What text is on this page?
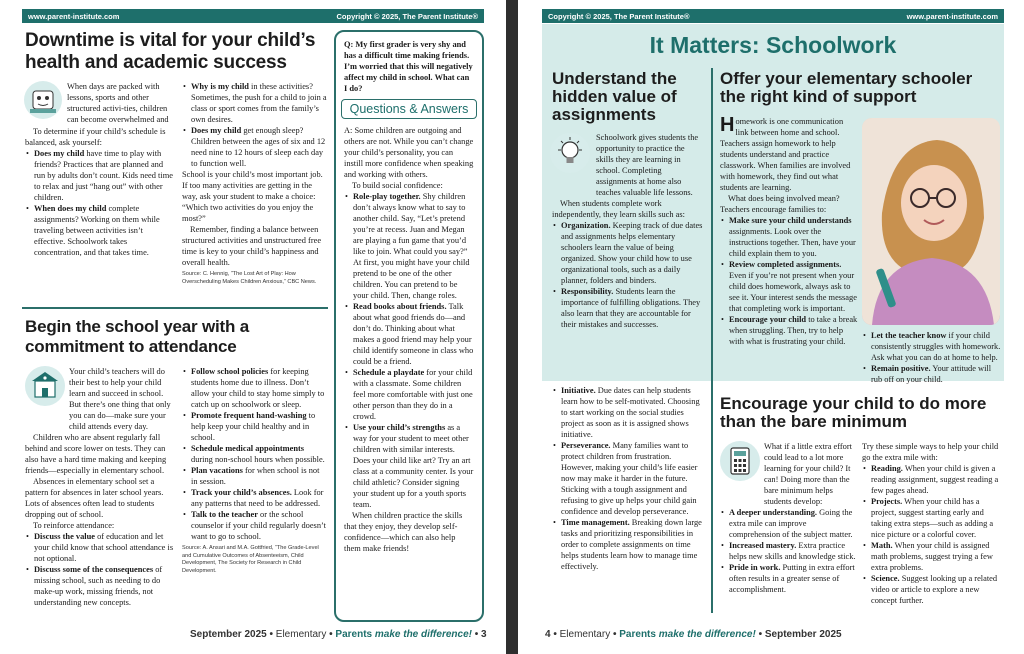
www.parent-institute.com	Copyright © 2025, The Parent Institute®
Downtime is vital for your child’s health and academic success

When days are packed with lessons, sports and other structured activi-ties, children can become overwhelmed and

To determine if your child’s schedule is balanced, ask yourself:

• Does my child have time to play with friends? Practices that are planned and run by adults don’t count. Kids need time to relax and just “hang out” with other children.

• When does my child complete assignments? Working on them while traveling between activities isn’t effective. Schoolwork takes concentration, and that takes time.

• Why is my child in these activities? Sometimes, the push for a child to join a class or sport comes from the family’s own desires.

• Does my child get enough sleep? Children between the ages of six and 12 need nine to 12 hours of sleep each day to function well.

School is your child’s most important job. If too many activities are getting in the way, ask your student to make a choice: “Which two activities do you enjoy the most?”

Remember, finding a balance between structured activities and unstructured free time is key to your child’s happiness and overall health.

Source: C. Hennig, “The Lost Art of Play: How Overscheduling Makes Children Anxious,” CBC News.

Begin the school year with a commitment to attendance

Your child’s teachers will do their best to help your child learn and succeed in school. But there’s one thing that only you can do—make sure your child attends every day.

Children who are absent regularly fall behind and score lower on tests. They can also have a hard time making and keeping friends—especially in elementary school.

Absences in elementary school set a pattern for absences in later school years. Lots of absences often lead to students dropping out of school.

To reinforce attendance:

• Discuss the value of education and let your child know that school attendance is not optional.

• Discuss some of the consequences of missing school, such as needing to do make-up work, missing friends, not understanding new concepts.

• Follow school policies for keeping students home due to illness. Don’t allow your child to stay home simply to catch up on schoolwork or sleep.

• Promote frequent hand-washing to help keep your child healthy and in school.

• Schedule medical appointments during non-school hours when possible.

• Plan vacations for when school is not in session.

• Track your child’s absences. Look for any patterns that need to be addressed.

• Talk to the teacher or the school counselor if your child regularly doesn’t want to go to school.

Source: A. Ansari and M.A. Gottfried, “The Grade-Level and Cumulative Outcomes of Absenteeism, Child Development, The Society for Research in Child Development.

Q: My first grader is very shy and has a difficult time making friends. I’m worried that this will negatively affect my child in school. What can I do?

Questions & Answers

A: Some children are outgoing and others are not. While you can’t change your child’s personality, you can instill more confidence when speaking and working with others.

To build social confidence:

• Role-play together. Shy children don’t always know what to say to another child. Say, “Let’s pretend you’re at recess. Juan and Megan are playing a fun game that you’d like to join. What could you say?” At first, you might have your child pretend to be one of the other children. You can pretend to be your child. Then, change roles.

• Read books about friends. Talk about what good friends do—and don’t do. Thinking about what makes a good friend may help your child identify someone in class who could be a friend.

• Schedule a playdate for your child with a classmate. Some children feel more comfortable with just one other person than they do in a crowd.

• Use your child’s strengths as a way for your student to meet other children with similar interests. Does your child like art? Try an art class at a community center. Is your child athletic? Consider signing your student up for a youth sports team.

When children practice the skills that they enjoy, they develop self-confidence—which can also help them make friends!

September 2025 • Elementary • Parents make the difference! • 3
Copyright © 2025, The Parent Institute®	www.parent-institute.com
It Matters: Schoolwork
Understand the hidden value of assignments

Schoolwork gives students the opportunity to practice the skills they are learning in school. Completing assignments at home also teaches valuable life lessons.

When students complete work independently, they learn skills such as:

• Organization. Keeping track of due dates and assignments helps elementary schoolers learn the value of being organized. Show your child how to use organizational tools, such as a daily planner, folders and binders.

• Responsibility. Students learn the importance of fulfilling obligations. They also learn that they are accountable for their mistakes and successes.

• Initiative. Due dates can help students learn how to be self-motivated. Choosing to start working on the social studies project as soon as it is assigned shows initiative.

• Perseverance. Many families want to protect children from frustration. However, making your child’s life easier now may make it harder in the future. Sticking with a tough assignment and refusing to give up helps your child gain confidence and develop perseverance.

• Time management. Breaking down large tasks and prioritizing responsibilities in order to complete assignments on time helps students learn how to manage time effectively.

Offer your elementary schooler the right kind of support

Homework is one communication link between home and school. Teachers assign homework to help students understand and practice classwork. When families are involved with homework, they find out what students are learning.

What does being involved mean? Teachers encourage families to:

• Make sure your child understands assignments. Look over the instructions together. Then, have your child explain them to you.

• Review completed assignments. Even if you’re not present when your child does homework, always ask to see it. Your interest sends the message that completing work is important.

• Encourage your child to take a break when struggling. Then, try to help with what is frustrating your child.

• Let the teacher know if your child consistently struggles with homework. Ask what you can do at home to help.

• Remain positive. Your attitude will rub off on your child.

Encourage your child to do more than the bare minimum

What if a little extra effort could lead to a lot more learning for your child? It can! Doing more than the bare minimum helps students develop:

• A deeper understanding. Going the extra mile can improve comprehension of the subject matter.

• Increased mastery. Extra practice helps new skills and knowledge stick.

• Pride in work. Putting in extra effort often results in a greater sense of accomplishment.

Try these simple ways to help your child go the extra mile with:

• Reading. When your child is given a reading assignment, suggest reading a few pages ahead.

• Projects. When your child has a project, suggest starting early and taking extra steps—such as adding a nice picture or a colorful cover.

• Math. When your child is assigned math problems, suggest trying a few extra problems.

• Science. Suggest looking up a related video or article to explore a new concept further.

4 • Elementary • Parents make the difference! • September 2025
